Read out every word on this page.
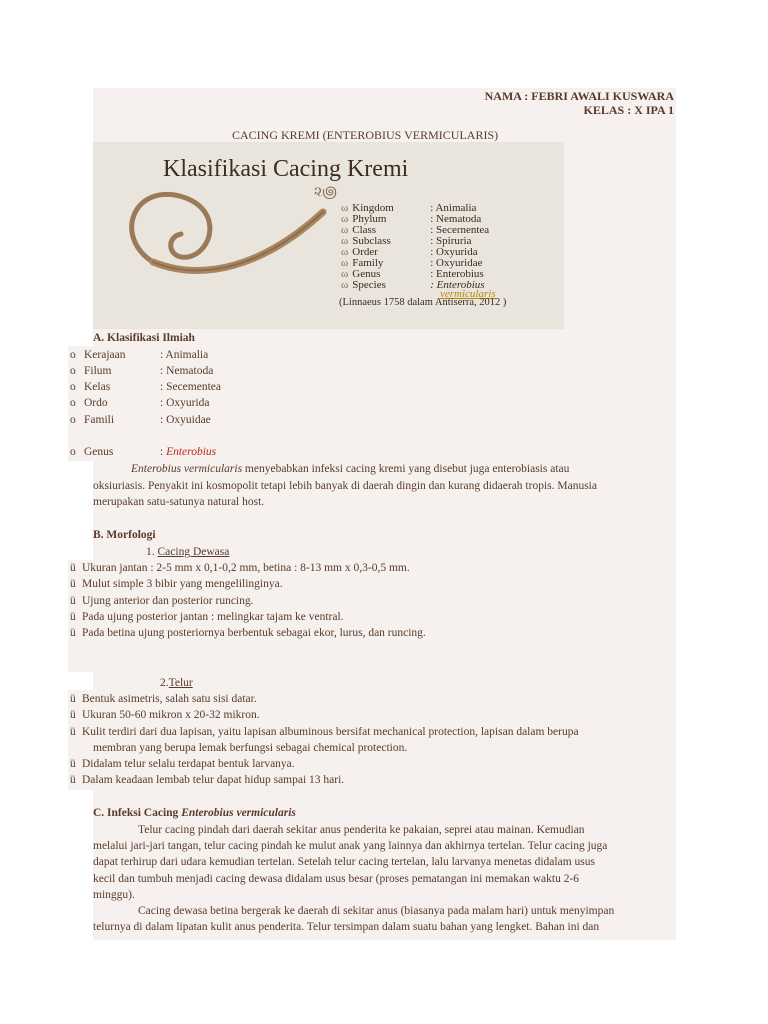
NAMA : FEBRI AWALI KUSWARA
KELAS : X IPA 1
CACING KREMI (ENTEROBIUS VERMICULARIS)
Klasifikasi Cacing Kremi
૨౷
ω Kingdom	: Animalia
ω Phylum	: Nematoda
ω Class	: Secernentea
ω Subclass	: Spiruria
ω Order	: Oxyurida
ω Family	: Oxyuridae
ω Genus	: Enterobius
ω Species	: Enterobius
vermicularis
(Linnaeus 1758 dalam Antiserra, 2012 )
A. Klasifikasi Ilmiah
o Kerajaan	: Animalia
o Filum	: Nematoda
o Kelas	: Secementea
o Ordo	: Oxyurida
o Famili	: Oxyuidae
o Genus	: Enterobius
Enterobius vermicularis menyebabkan infeksi cacing kremi yang disebut juga enterobiasis atau
oksiuriasis. Penyakit ini kosmopolit tetapi lebih banyak di daerah dingin dan kurang didaerah tropis. Manusia
merupakan satu-satunya natural host.
B. Morfologi
1. Cacing Dewasa
ü Ukuran jantan : 2-5 mm x 0,1-0,2 mm, betina : 8-13 mm x 0,3-0,5 mm.
ü Mulut simple 3 bibir yang mengelilinginya.
ü Ujung anterior dan posterior runcing.
ü Pada ujung posterior jantan : melingkar tajam ke ventral.
ü Pada betina ujung posteriornya berbentuk sebagai ekor, lurus, dan runcing.
2.Telur
ü Bentuk asimetris, salah satu sisi datar.
ü Ukuran 50-60 mikron x 20-32 mikron.
ü Kulit terdiri dari dua lapisan, yaitu lapisan albuminous bersifat mechanical protection, lapisan dalam berupa
membran yang berupa lemak berfungsi sebagai chemical protection.
ü Didalam telur selalu terdapat bentuk larvanya.
ü Dalam keadaan lembab telur dapat hidup sampai 13 hari.
C. Infeksi Cacing Enterobius vermicularis
Telur cacing pindah dari daerah sekitar anus penderita ke pakaian, seprei atau mainan. Kemudian
melalui jari-jari tangan, telur cacing pindah ke mulut anak yang lainnya dan akhirnya tertelan. Telur cacing juga
dapat terhirup dari udara kemudian tertelan. Setelah telur cacing tertelan, lalu larvanya menetas didalam usus
kecil dan tumbuh menjadi cacing dewasa didalam usus besar (proses pematangan ini memakan waktu 2-6
minggu).
Cacing dewasa betina bergerak ke daerah di sekitar anus (biasanya pada malam hari) untuk menyimpan
telurnya di dalam lipatan kulit anus penderita. Telur tersimpan dalam suatu bahan yang lengket. Bahan ini dan
